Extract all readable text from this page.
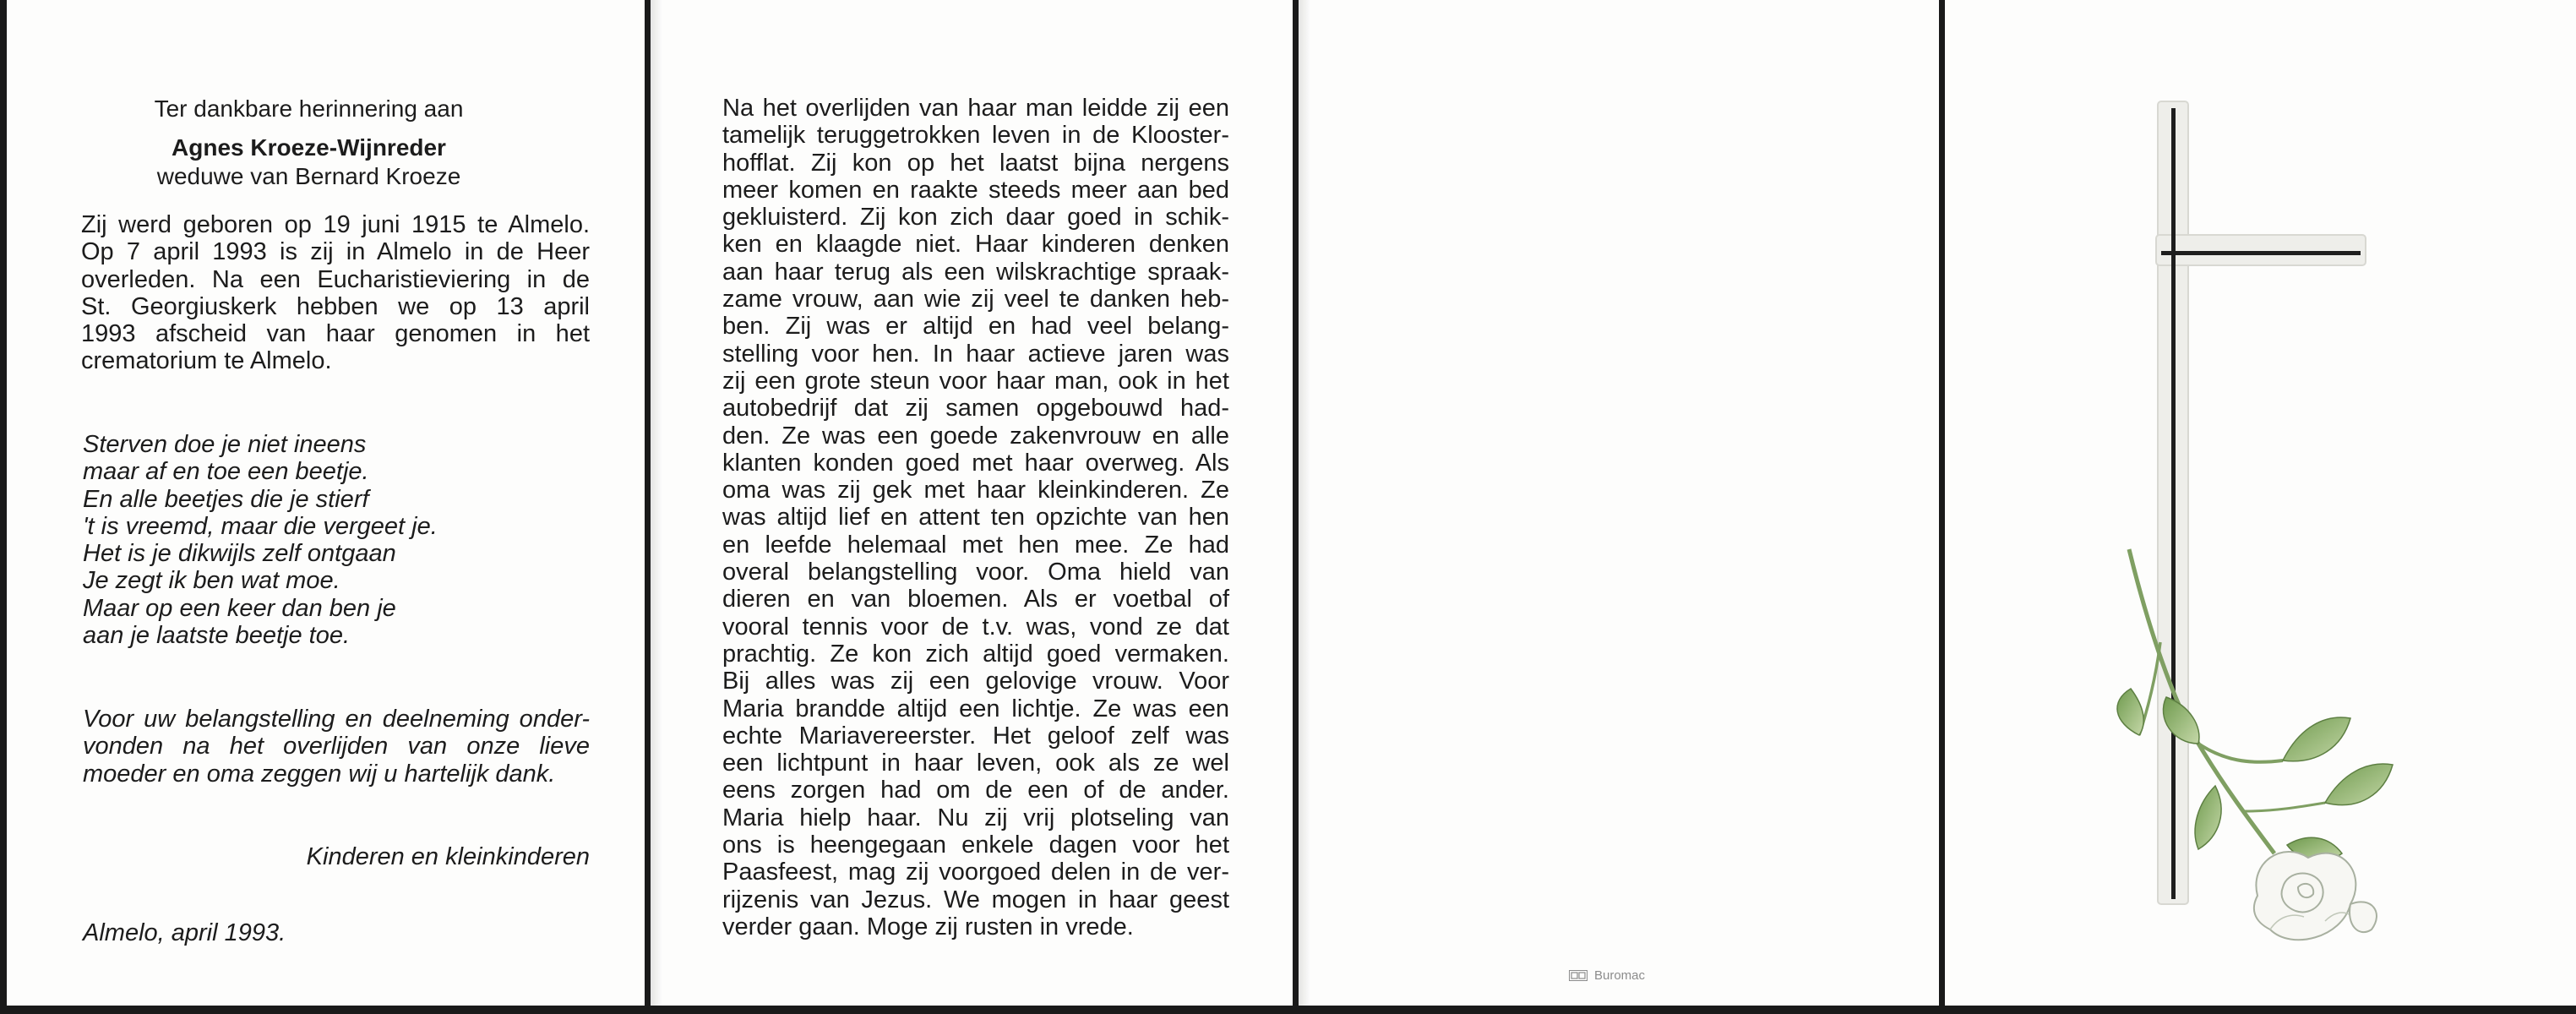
Ter dankbare herinnering aan
Agnes Kroeze-Wijnreder
weduwe van Bernard Kroeze

Zij werd geboren op 19 juni 1915 te Almelo.
Op 7 april 1993 is zij in Almelo in de Heer
overleden. Na een Eucharistieviering in de
St. Georgiuskerk hebben we op 13 april
1993 afscheid van haar genomen in het
crematorium te Almelo.

Sterven doe je niet ineens
maar af en toe een beetje.
En alle beetjes die je stierf
't is vreemd, maar die vergeet je.
Het is je dikwijls zelf ontgaan
Je zegt ik ben wat moe.
Maar op een keer dan ben je
aan je laatste beetje toe.

Voor uw belangstelling en deelneming onder-
vonden na het overlijden van onze lieve
moeder en oma zeggen wij u hartelijk dank.

Kinderen en kleinkinderen

Almelo, april 1993.

Na het overlijden van haar man leidde zij een
tamelijk teruggetrokken leven in de Klooster-
hofflat. Zij kon op het laatst bijna nergens
meer komen en raakte steeds meer aan bed
gekluisterd. Zij kon zich daar goed in schik-
ken en klaagde niet. Haar kinderen denken
aan haar terug als een wilskrachtige spraak-
zame vrouw, aan wie zij veel te danken heb-
ben. Zij was er altijd en had veel belang-
stelling voor hen. In haar actieve jaren was
zij een grote steun voor haar man, ook in het
autobedrijf dat zij samen opgebouwd had-
den. Ze was een goede zakenvrouw en alle
klanten konden goed met haar overweg. Als
oma was zij gek met haar kleinkinderen. Ze
was altijd lief en attent ten opzichte van hen
en leefde helemaal met hen mee. Ze had
overal belangstelling voor. Oma hield van
dieren en van bloemen. Als er voetbal of
vooral tennis voor de t.v. was, vond ze dat
prachtig. Ze kon zich altijd goed vermaken.
Bij alles was zij een gelovige vrouw. Voor
Maria brandde altijd een lichtje. Ze was een
echte Mariavereerster. Het geloof zelf was
een lichtpunt in haar leven, ook als ze wel
eens zorgen had om de een of de ander.
Maria hielp haar. Nu zij vrij plotseling van
ons is heengegaan enkele dagen voor het
Paasfeest, mag zij voorgoed delen in de ver-
rijzenis van Jezus. We mogen in haar geest
verder gaan. Moge zij rusten in vrede.

Buromac
